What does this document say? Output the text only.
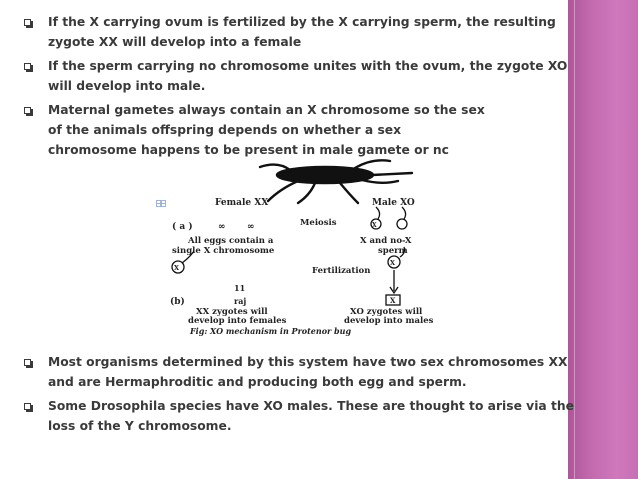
If the X carrying ovum is fertilized by the X carrying sperm, the resulting zygote XX will develop into a female
If the sperm carrying no chromosome unites with the ovum, the zygote XO will develop into male.
Maternal gametes always contain an X chromosome so the sex of the animals offspring depends on whether a sex chromosome happens to be present in male gamete or nc
Female XX	Male XO
( a )	∞ ∞	Meiosis	X
All eggs contain a
single X chromosome
X and no-X
sperm
X	Fertilization
X
X
11
raj
(b)
XX zygotes will
develop into females
XO zygotes will
develop into males
Fig: XO mechanism in Protenor bug
Most organisms determined by this system have two sex chromosomes XX and are Hermaphroditic and producing both egg and sperm.
Some Drosophila species have XO males. These are thought to arise via the loss of the Y chromosome.
